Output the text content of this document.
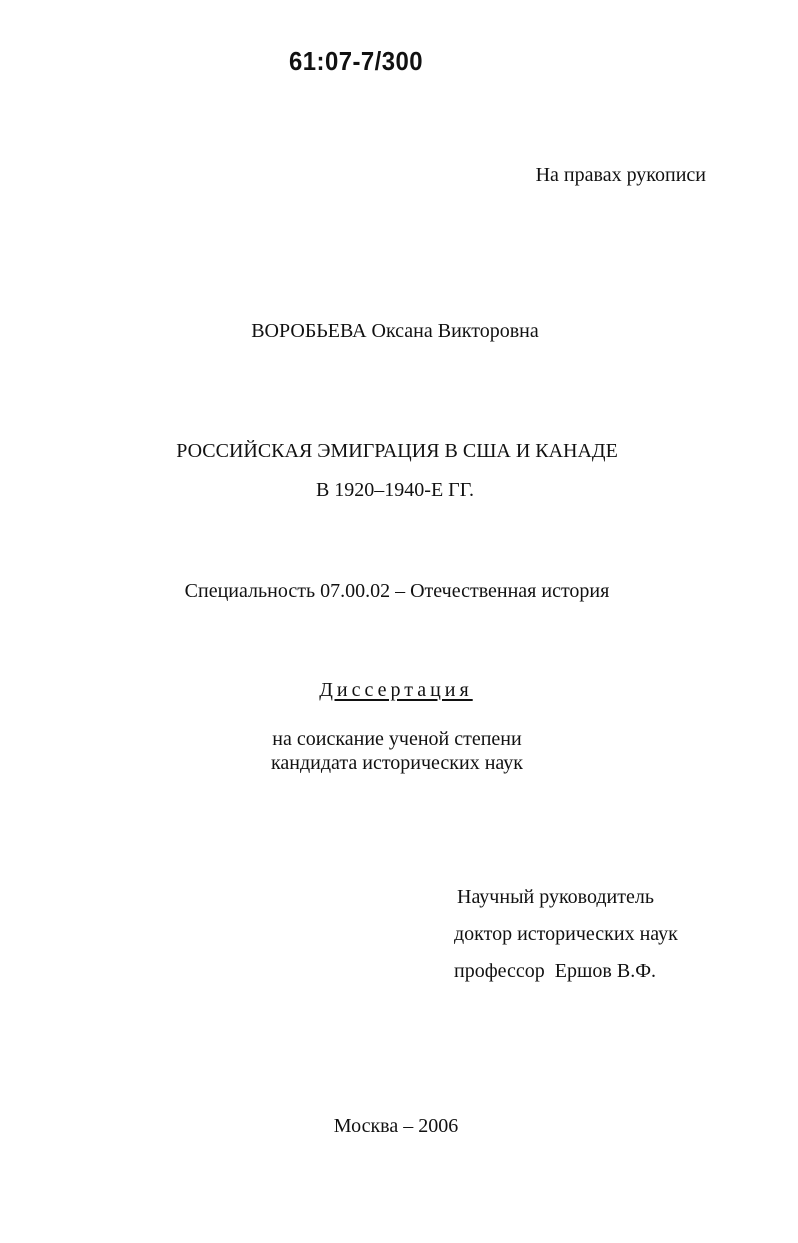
61:07-7/300
На правах рукописи
ВОРОБЬЕВА Оксана Викторовна
РОССИЙСКАЯ ЭМИГРАЦИЯ В США И КАНАДЕ
В 1920–1940-Е ГГ.
Специальность 07.00.02 – Отечественная история
Диссертация
на соискание ученой степени
кандидата исторических наук
Научный руководитель
доктор исторических наук
профессор  Ершов В.Ф.
Москва – 2006
